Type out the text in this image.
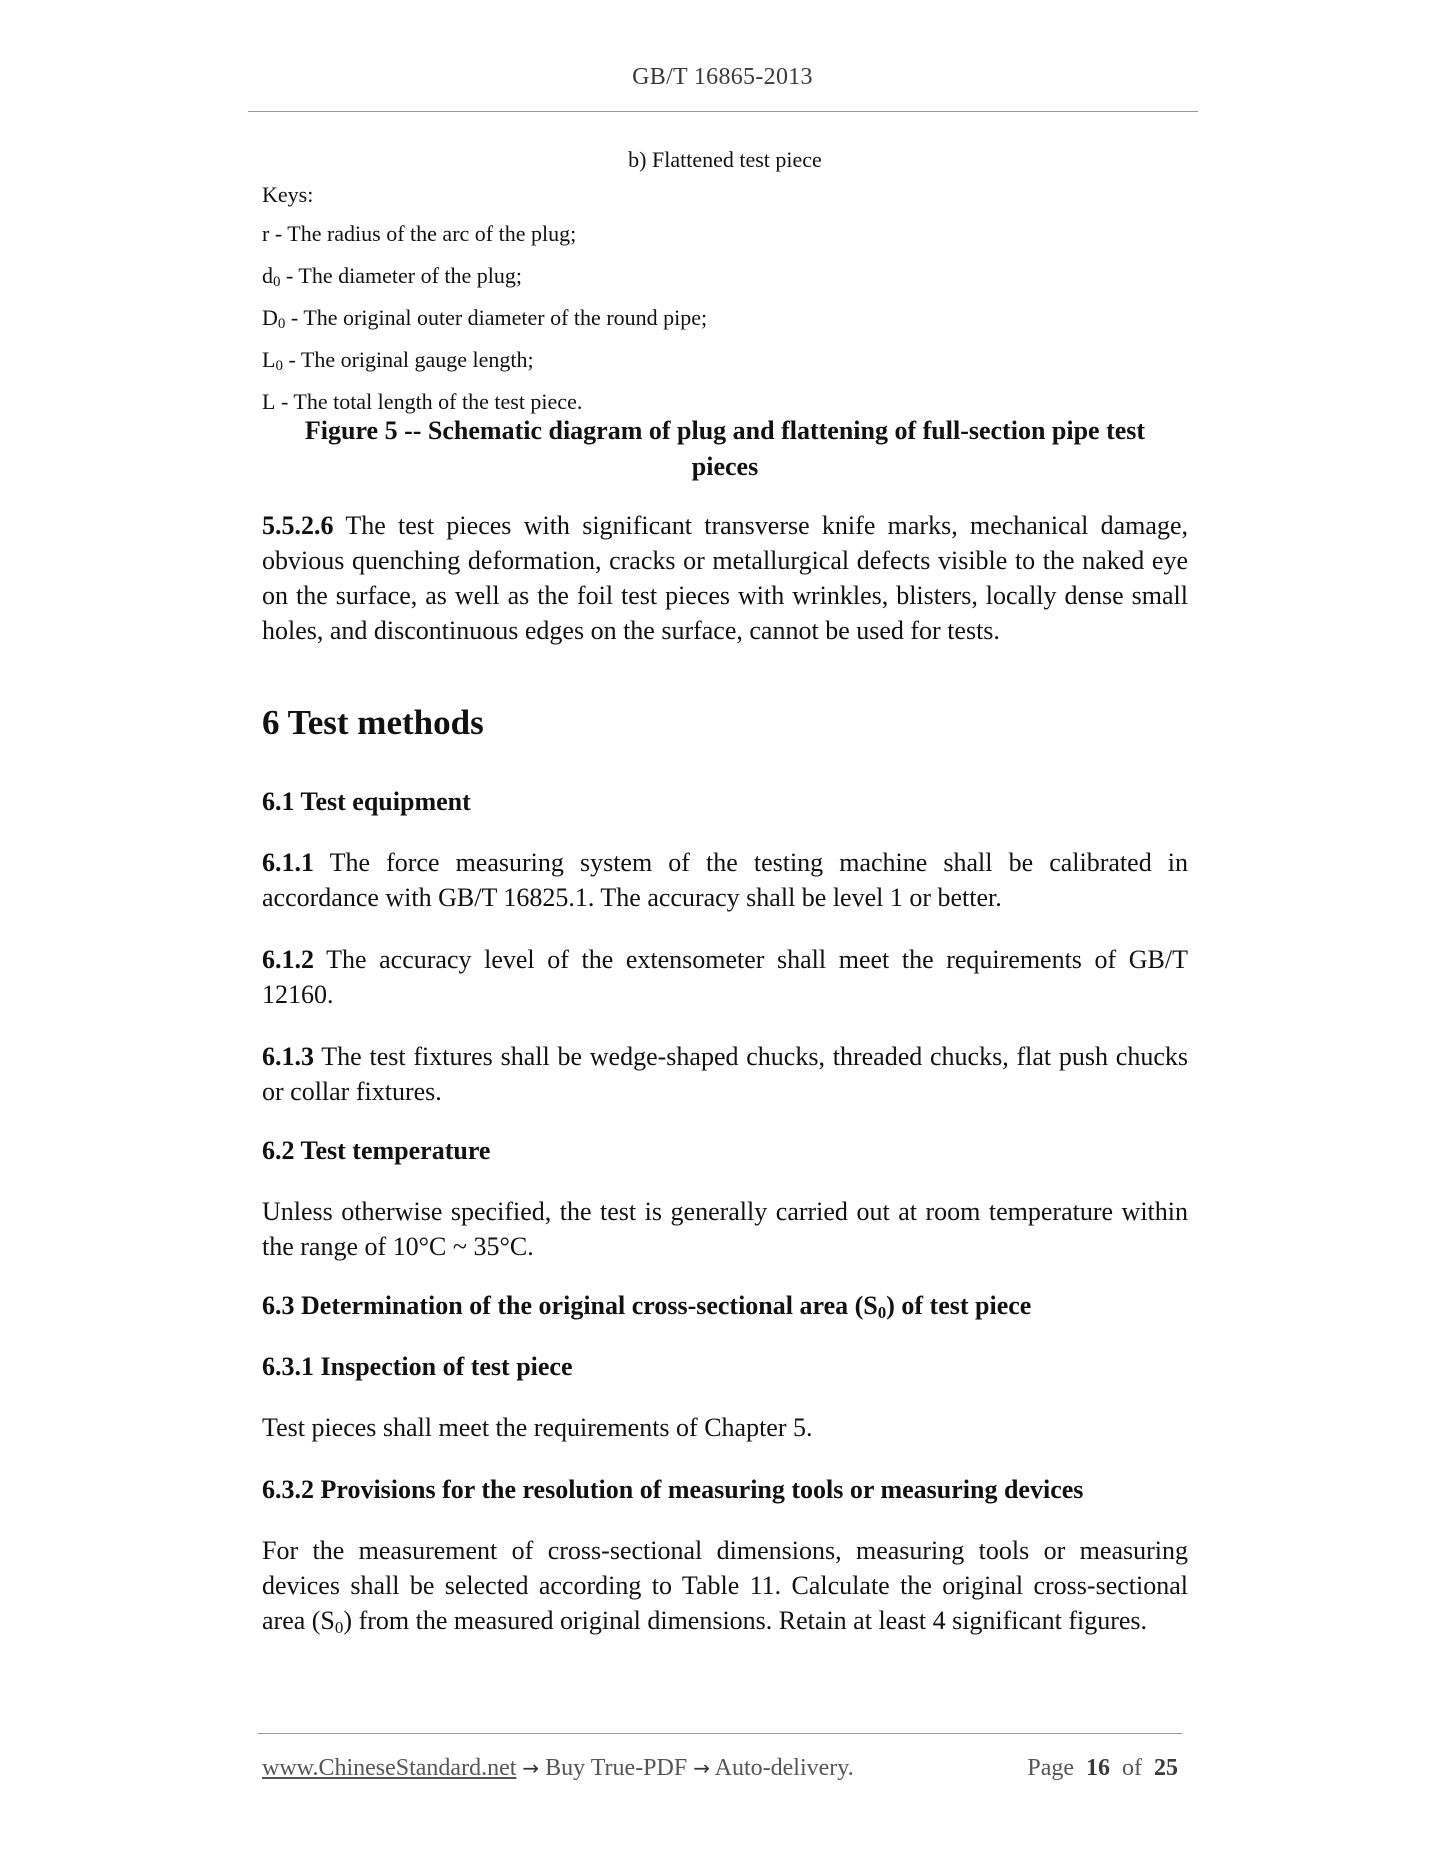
GB/T 16865-2013
b) Flattened test piece
Keys:
r - The radius of the arc of the plug;
$d_0$ - The diameter of the plug;
$D_0$ - The original outer diameter of the round pipe;
$L_0$ - The original gauge length;
L - The total length of the test piece.
Figure 5 -- Schematic diagram of plug and flattening of full-section pipe test
pieces

5.5.2.6 The test pieces with significant transverse knife marks, mechanical damage, obvious quenching deformation, cracks or metallurgical defects visible to the naked eye on the surface, as well as the foil test pieces with wrinkles, blisters, locally dense small holes, and discontinuous edges on the surface, cannot be used for tests.

6 Test methods
6.1 Test equipment

6.1.1 The force measuring system of the testing machine shall be calibrated in accordance with GB/T 16825.1. The accuracy shall be level 1 or better.

6.1.2 The accuracy level of the extensometer shall meet the requirements of GB/T 12160.

6.1.3 The test fixtures shall be wedge-shaped chucks, threaded chucks, flat push chucks or collar fixtures.

6.2 Test temperature

Unless otherwise specified, the test is generally carried out at room temperature within the range of 10°C ~ 35°C.

6.3 Determination of the original cross-sectional area $(S_0)$ of test piece
6.3.1 Inspection of test piece

Test pieces shall meet the requirements of Chapter 5.

6.3.2 Provisions for the resolution of measuring tools or measuring devices

For the measurement of cross-sectional dimensions, measuring tools or measuring devices shall be selected according to Table 11. Calculate the original cross-sectional area $(S_0)$ from the measured original dimensions. Retain at least 4 significant figures.

www.ChineseStandard.net → Buy True-PDF → Auto-delivery.	Page 16 of 25
